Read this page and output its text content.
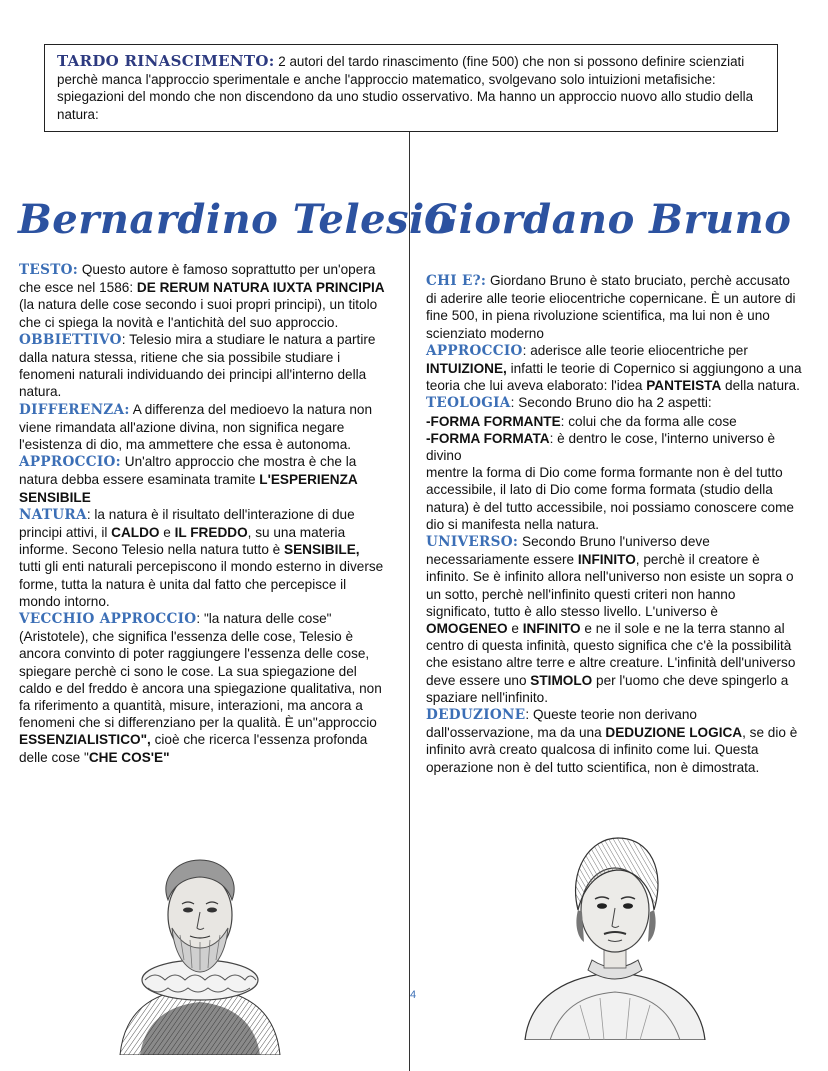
TARDO RINASCIMENTO: 2 autori del tardo rinascimento (fine 500) che non si possono definire scienziati perchè manca l'approccio sperimentale e anche l'approccio matematico, svolgevano solo intuizioni metafisiche: spiegazioni del mondo che non discendono da uno studio osservativo. Ma hanno un approccio nuovo allo studio della natura:
Bernardino Telesio
Giordano Bruno

TESTO: Questo autore è famoso soprattutto per un'opera che esce nel 1586: DE RERUM NATURA IUXTA PRINCIPIA (la natura delle cose secondo i suoi propri principi), un titolo che ci spiega la novità e l'antichità del suo approccio.

OBBIETTIVO: Telesio mira a studiare le natura a partire dalla natura stessa, ritiene che sia possibile studiare i fenomeni naturali individuando dei principi all'interno della natura.

DIFFERENZA: A differenza del medioevo la natura non viene rimandata all'azione divina, non significa negare l'esistenza di dio, ma ammettere che essa è autonoma.

APPROCCIO: Un'altro approccio che mostra è che la natura debba essere esaminata tramite L'ESPERIENZA SENSIBILE

NATURA: la natura è il risultato dell'interazione di due principi attivi, il CALDO e IL FREDDO, su una materia informe. Secono Telesio nella natura tutto è SENSIBILE, tutti gli enti naturali percepiscono il mondo esterno in diverse forme, tutta la natura è unita dal fatto che percepisce il mondo intorno.

VECCHIO APPROCCIO: "la natura delle cose" (Aristotele), che significa l'essenza delle cose, Telesio è ancora convinto di poter raggiungere l'essenza delle cose, spiegare perchè ci sono le cose. La sua spiegazione del caldo e del freddo è ancora una spiegazione qualitativa, non fa riferimento a quantità, misure, interazioni, ma ancora a fenomeni che si differenziano per la qualità. È un''approccio ESSENZIALISTICO", cioè che ricerca l'essenza profonda delle cose "CHE COS'E"

CHI E?: Giordano Bruno è stato bruciato, perchè accusato di aderire alle teorie eliocentriche copernicane. È un autore di fine 500, in piena rivoluzione scientifica, ma lui non è uno scienziato moderno

APPROCCIO: aderisce alle teorie eliocentriche per INTUIZIONE, infatti le teorie di Copernico si aggiungono a una teoria che lui aveva elaborato: l'idea PANTEISTA della natura.

TEOLOGIA: Secondo Bruno dio ha 2 aspetti:
-FORMA FORMANTE: colui che da forma alle cose
-FORMA FORMATA: è dentro le cose, l'interno universo è divino
mentre la forma di Dio come forma formante non è del tutto accessibile, il lato di Dio come forma formata (studio della natura) è del tutto accessibile, noi possiamo conoscere come dio si manifesta nella natura.

UNIVERSO: Secondo Bruno l'universo deve necessariamente essere INFINITO, perchè il creatore è infinito. Se è infinito allora nell'universo non esiste un sopra o un sotto, perchè nell'infinito questi criteri non hanno significato, tutto è allo stesso livello. L'universo è OMOGENEO e INFINITO e ne il sole e ne la terra stanno al centro di questa infinità, questo significa che c'è la possibilità che esistano altre terre e altre creature. L'infinità dell'universo deve essere uno STIMOLO per l'uomo che deve spingerlo a spaziare nell'infinito.

DEDUZIONE: Queste teorie non derivano dall'osservazione, ma da una DEDUZIONE LOGICA, se dio è infinito avrà creato qualcosa di infinito come lui. Questa operazione non è del tutto scientifica, non è dimostrata.

4
